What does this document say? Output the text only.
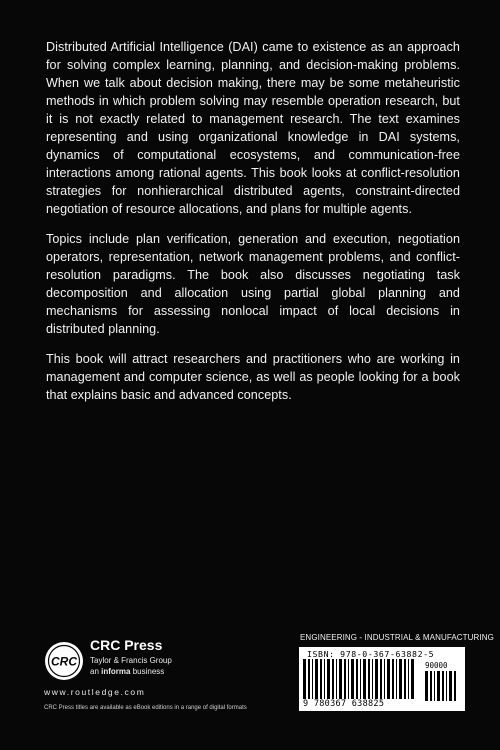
Distributed Artificial Intelligence (DAI) came to existence as an approach for solving complex learning, planning, and decision-making problems. When we talk about decision making, there may be some metaheuristic methods in which problem solving may resemble operation research, but it is not exactly related to management research. The text examines representing and using organizational knowledge in DAI systems, dynamics of computational ecosystems, and communication-free interactions among rational agents. This book looks at conflict-resolution strategies for nonhierarchical distributed agents, constraint-directed negotiation of resource allocations, and plans for multiple agents.

Topics include plan verification, generation and execution, negotiation operators, representation, network management problems, and conflict-resolution paradigms. The book also discusses negotiating task decomposition and allocation using partial global planning and mechanisms for assessing nonlocal impact of local decisions in distributed planning.

This book will attract researchers and practitioners who are working in management and computer science, as well as people looking for a book that explains basic and advanced concepts.

CRC
CRC Press
Taylor & Francis Group
an informa business
www.routledge.com
CRC Press titles are available as eBook editions in a range of digital formats
ENGINEERING - INDUSTRIAL & MANUFACTURING
ISBN: 978-0-367-63882-5
90000
9 780367 638825
